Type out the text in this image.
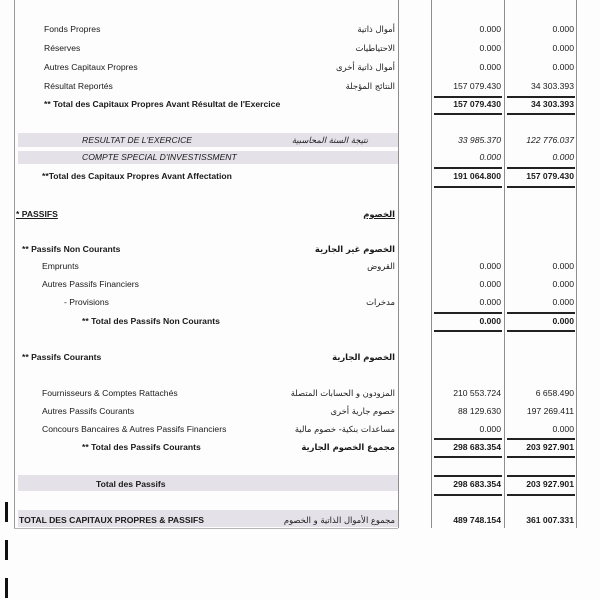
Fonds Propres	أموال ذاتية	0.000	0.000
Réserves	الاحتياطيات	0.000	0.000
Autres Capitaux Propres	أموال ذاتية أخرى	0.000	0.000
Résultat Reportés	النتائج المؤجلة	157 079.430	34 303.393
** Total des Capitaux Propres Avant Résultat de l'Exercice	157 079.430	34 303.393
RESULTAT DE L'EXERCICE	نتيجة السنة المحاسبية	33 985.370	122 776.037
COMPTE SPECIAL D'INVESTISSMENT	0.000	0.000
**Total des Capitaux Propres Avant Affectation	191 064.800	157 079.430
* PASSIFS	الخصوم
** Passifs Non Courants	الخصوم غير الجارية
Emprunts	القروض	0.000	0.000
Autres Passifs Financiers	0.000	0.000
- Provisions	مدخرات	0.000	0.000
** Total des Passifs Non Courants	0.000	0.000
** Passifs Courants	الخصوم الجارية
Fournisseurs & Comptes Rattachés	المزودون و الحسابات المتصلة	210 553.724	6 658.490
Autres Passifs Courants	خصوم جارية أخرى	88 129.630	197 269.411
Concours Bancaires & Autres Passifs Financiers	مساعدات بنكية- خصوم مالية	0.000	0.000
** Total des Passifs Courants	مجموع الخصوم الجارية	298 683.354	203 927.901
Total des Passifs	298 683.354	203 927.901
TOTAL DES CAPITAUX PROPRES & PASSIFS	مجموع الأموال الذاتية و الخصوم	489 748.154	361 007.331
